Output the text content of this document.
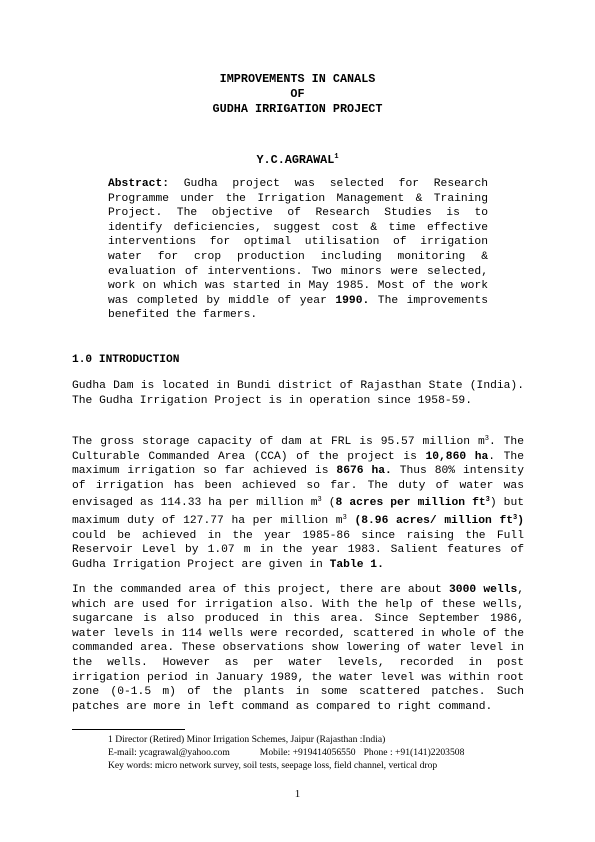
IMPROVEMENTS IN CANALS
OF
GUDHA IRRIGATION PROJECT
Y.C.AGRAWAL$^1$
Abstract: Gudha project was selected for Research Programme under the Irrigation Management & Training Project. The objective of Research Studies is to identify deficiencies, suggest cost & time effective interventions for optimal utilisation of irrigation water for crop production including monitoring & evaluation of interventions. Two minors were selected, work on which was started in May 1985. Most of the work was completed by middle of year 1990. The improvements benefited the farmers.
1.0 INTRODUCTION
Gudha Dam is located in Bundi district of Rajasthan State (India). The Gudha Irrigation Project is in operation since 1958-59.
The gross storage capacity of dam at FRL is 95.57 million $m^3$. The Culturable Commanded Area (CCA) of the project is 10,860 ha. The maximum irrigation so far achieved is 8676 ha. Thus 80% intensity of irrigation has been achieved so far. The duty of water was envisaged as 114.33 ha per million $m^3$ (8 acres per million $ft^3$) but maximum duty of 127.77 ha per million $m^3$ (8.96 acres/ million $ft^3$) could be achieved in the year 1985-86 since raising the Full Reservoir Level by 1.07 m in the year 1983. Salient features of Gudha Irrigation Project are given in Table 1.
In the commanded area of this project, there are about 3000 wells, which are used for irrigation also. With the help of these wells, sugarcane is also produced in this area. Since September 1986, water levels in 114 wells were recorded, scattered in whole of the commanded area. These observations show lowering of water level in the wells. However as per water levels, recorded in post irrigation period in January 1989, the water level was within root zone (0-1.5 m) of the plants in some scattered patches. Such patches are more in left command as compared to right command.
1 Director (Retired) Minor Irrigation Schemes, Jaipur (Rajasthan :India)
E-mail: ycagrawal@yahoo.com	Mobile: +919414056550 Phone : +91(141)2203508
Key words: micro network survey, soil tests, seepage loss, field channel, vertical drop
1
